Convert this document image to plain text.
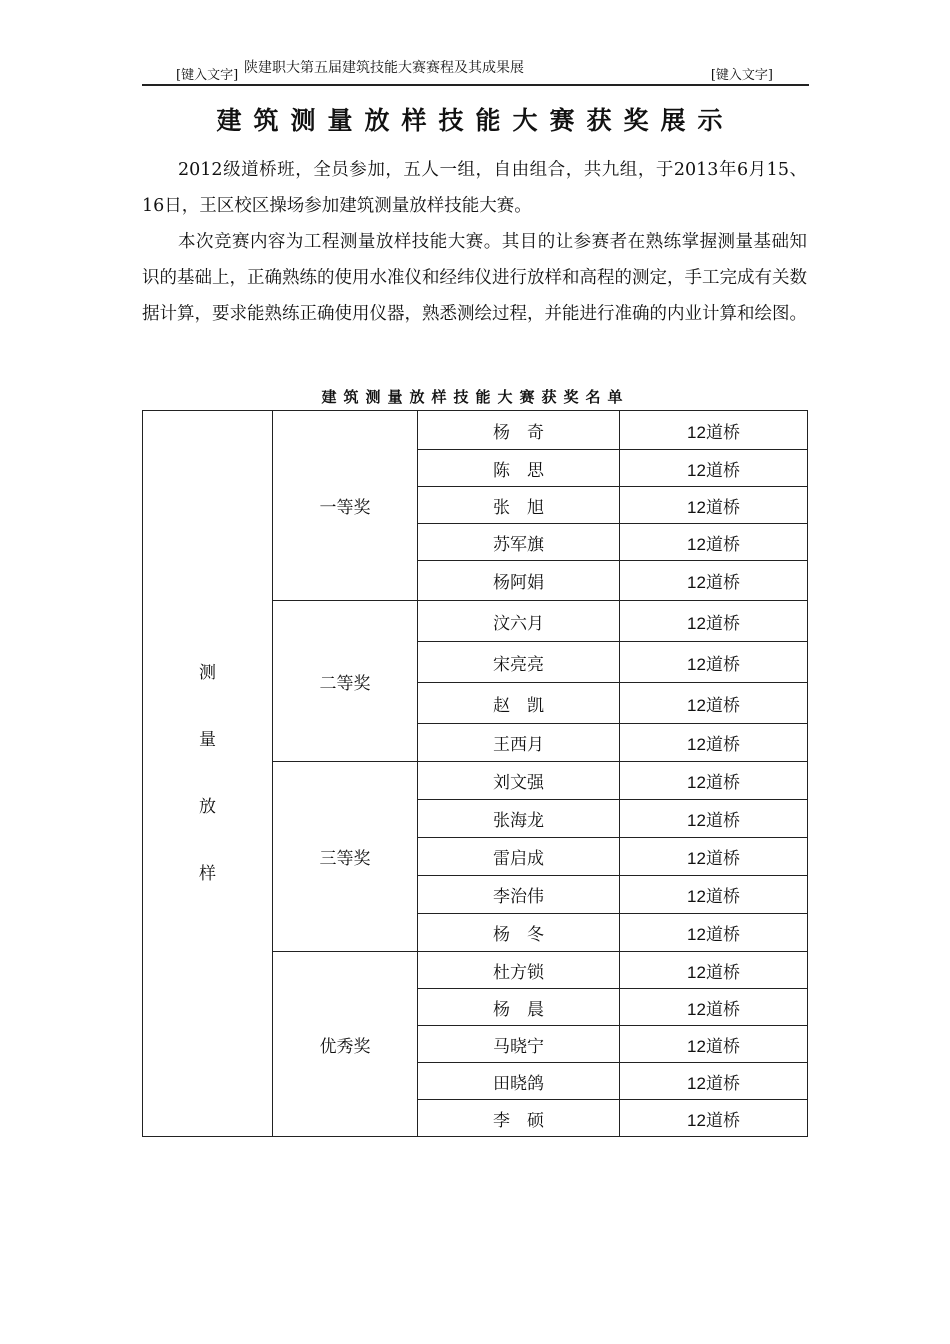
[键入文字] 陕建职大第五届建筑技能大赛赛程及其成果展	[键入文字]
建筑测量放样技能大赛获奖展示

2012级道桥班，全员参加，五人一组，自由组合，共九组，于2013年6月15、16日，王区校区操场参加建筑测量放样技能大赛。

本次竞赛内容为工程测量放样技能大赛。其目的让参赛者在熟练掌握测量基础知识的基础上，正确熟练的使用水准仪和经纬仪进行放样和高程的测定，手工完成有关数据计算，要求能熟练正确使用仪器，熟悉测绘过程，并能进行准确的内业计算和绘图。

建筑测量放样技能大赛获奖名单
测
量
放
样	一等奖	杨　奇	12道桥
		陈　思	12道桥
		张　旭	12道桥
		苏军旗	12道桥
		杨阿娟	12道桥
	二等奖	汶六月	12道桥
		宋亮亮	12道桥
		赵　凯	12道桥
		王西月	12道桥
	三等奖	刘文强	12道桥
		张海龙	12道桥
		雷启成	12道桥
		李治伟	12道桥
		杨　冬	12道桥
	优秀奖	杜方锁	12道桥
		杨　晨	12道桥
		马晓宁	12道桥
		田晓鸽	12道桥
		李　硕	12道桥
